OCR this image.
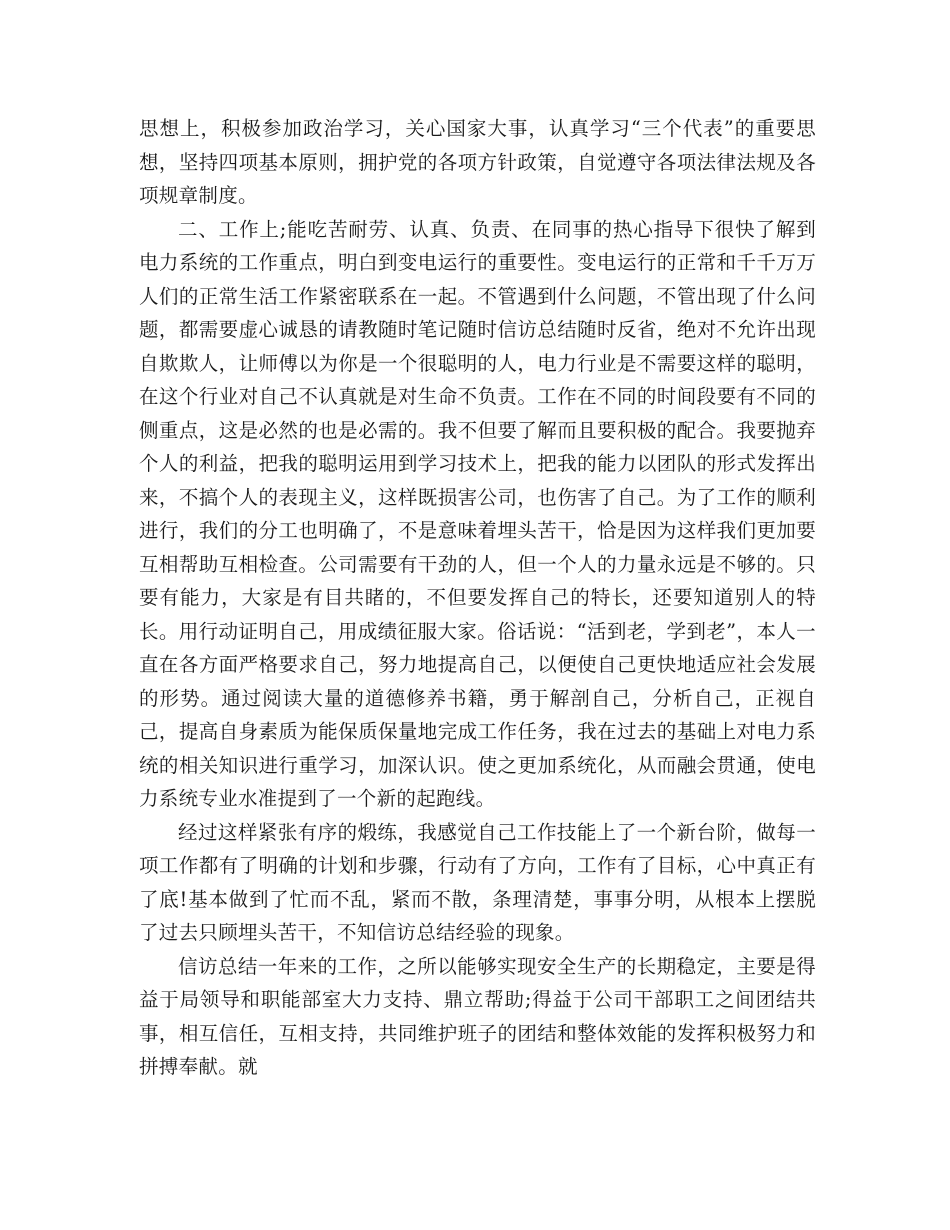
思想上，积极参加政治学习，关心国家大事，认真学习“三个代表”的重要思想，坚持四项基本原则，拥护党的各项方针政策，自觉遵守各项法律法规及各项规章制度。

二、工作上;能吃苦耐劳、认真、负责、在同事的热心指导下很快了解到电力系统的工作重点，明白到变电运行的重要性。变电运行的正常和千千万万人们的正常生活工作紧密联系在一起。不管遇到什么问题，不管出现了什么问题，都需要虚心诚恳的请教随时笔记随时信访总结随时反省，绝对不允许出现自欺欺人，让师傅以为你是一个很聪明的人，电力行业是不需要这样的聪明，在这个行业对自己不认真就是对生命不负责。工作在不同的时间段要有不同的侧重点，这是必然的也是必需的。我不但要了解而且要积极的配合。我要抛弃个人的利益，把我的聪明运用到学习技术上，把我的能力以团队的形式发挥出来，不搞个人的表现主义，这样既损害公司，也伤害了自己。为了工作的顺利进行，我们的分工也明确了，不是意味着埋头苦干，恰是因为这样我们更加要互相帮助互相检查。公司需要有干劲的人，但一个人的力量永远是不够的。只要有能力，大家是有目共睹的，不但要发挥自己的特长，还要知道别人的特长。用行动证明自己，用成绩征服大家。俗话说：“活到老，学到老”，本人一直在各方面严格要求自己，努力地提高自己，以便使自己更快地适应社会发展的形势。通过阅读大量的道德修养书籍，勇于解剖自己，分析自己，正视自己，提高自身素质为能保质保量地完成工作任务，我在过去的基础上对电力系统的相关知识进行重学习，加深认识。使之更加系统化，从而融会贯通，使电力系统专业水准提到了一个新的起跑线。

经过这样紧张有序的煅练，我感觉自己工作技能上了一个新台阶，做每一项工作都有了明确的计划和步骤，行动有了方向，工作有了目标，心中真正有了底!基本做到了忙而不乱，紧而不散，条理清楚，事事分明，从根本上摆脱了过去只顾埋头苦干，不知信访总结经验的现象。

信访总结一年来的工作，之所以能够实现安全生产的长期稳定，主要是得益于局领导和职能部室大力支持、鼎立帮助;得益于公司干部职工之间团结共事，相互信任，互相支持，共同维护班子的团结和整体效能的发挥积极努力和拼搏奉献。就
